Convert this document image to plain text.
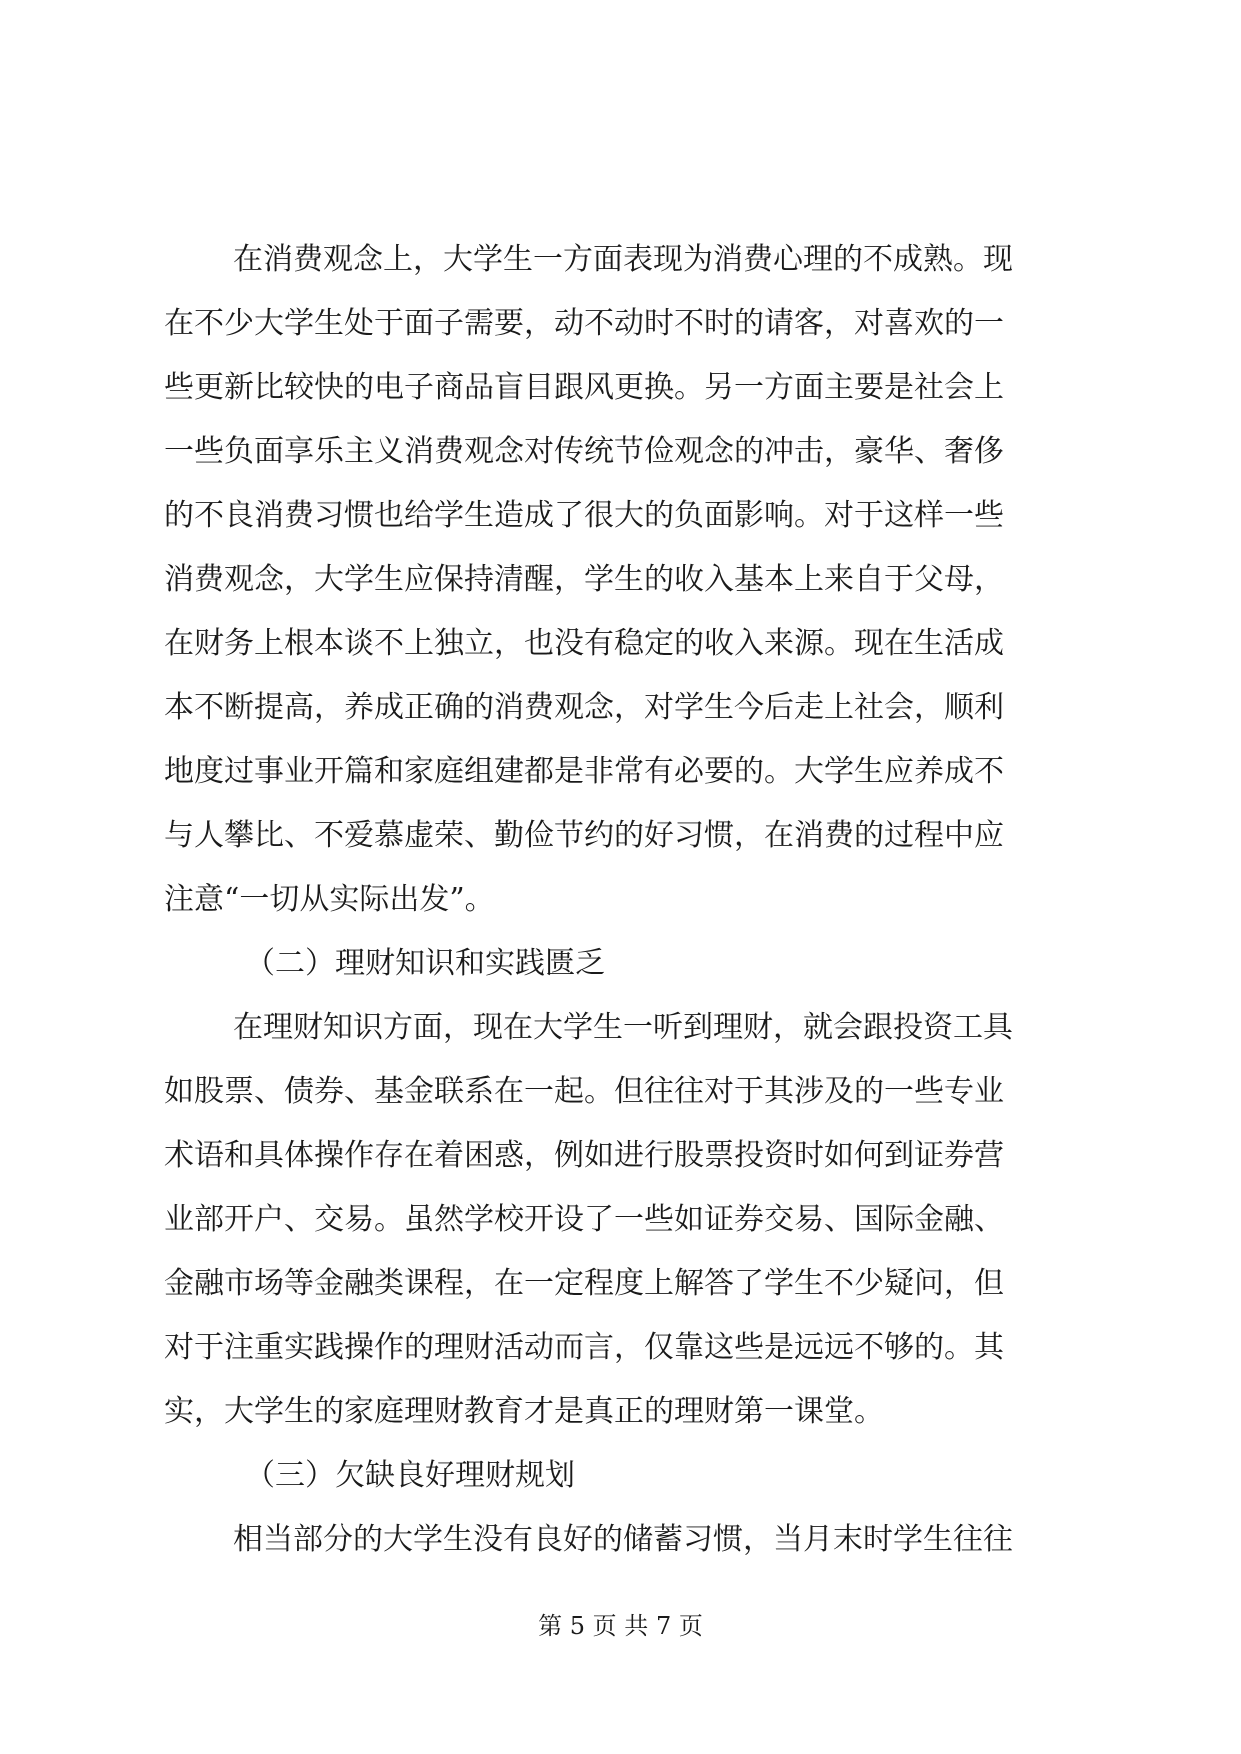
在消费观念上，大学生一方面表现为消费心理的不成熟。现
在不少大学生处于面子需要，动不动时不时的请客，对喜欢的一
些更新比较快的电子商品盲目跟风更换。另一方面主要是社会上
一些负面享乐主义消费观念对传统节俭观念的冲击，豪华、奢侈
的不良消费习惯也给学生造成了很大的负面影响。对于这样一些
消费观念，大学生应保持清醒，学生的收入基本上来自于父母，
在财务上根本谈不上独立，也没有稳定的收入来源。现在生活成
本不断提高，养成正确的消费观念，对学生今后走上社会，顺利
地度过事业开篇和家庭组建都是非常有必要的。大学生应养成不
与人攀比、不爱慕虚荣、勤俭节约的好习惯，在消费的过程中应
注意“一切从实际出发”。
（二）理财知识和实践匮乏
在理财知识方面，现在大学生一听到理财，就会跟投资工具
如股票、债券、基金联系在一起。但往往对于其涉及的一些专业
术语和具体操作存在着困惑，例如进行股票投资时如何到证券营
业部开户、交易。虽然学校开设了一些如证券交易、国际金融、
金融市场等金融类课程，在一定程度上解答了学生不少疑问，但
对于注重实践操作的理财活动而言，仅靠这些是远远不够的。其
实，大学生的家庭理财教育才是真正的理财第一课堂。
（三）欠缺良好理财规划
相当部分的大学生没有良好的储蓄习惯，当月末时学生往往
第 5 页 共 7 页
